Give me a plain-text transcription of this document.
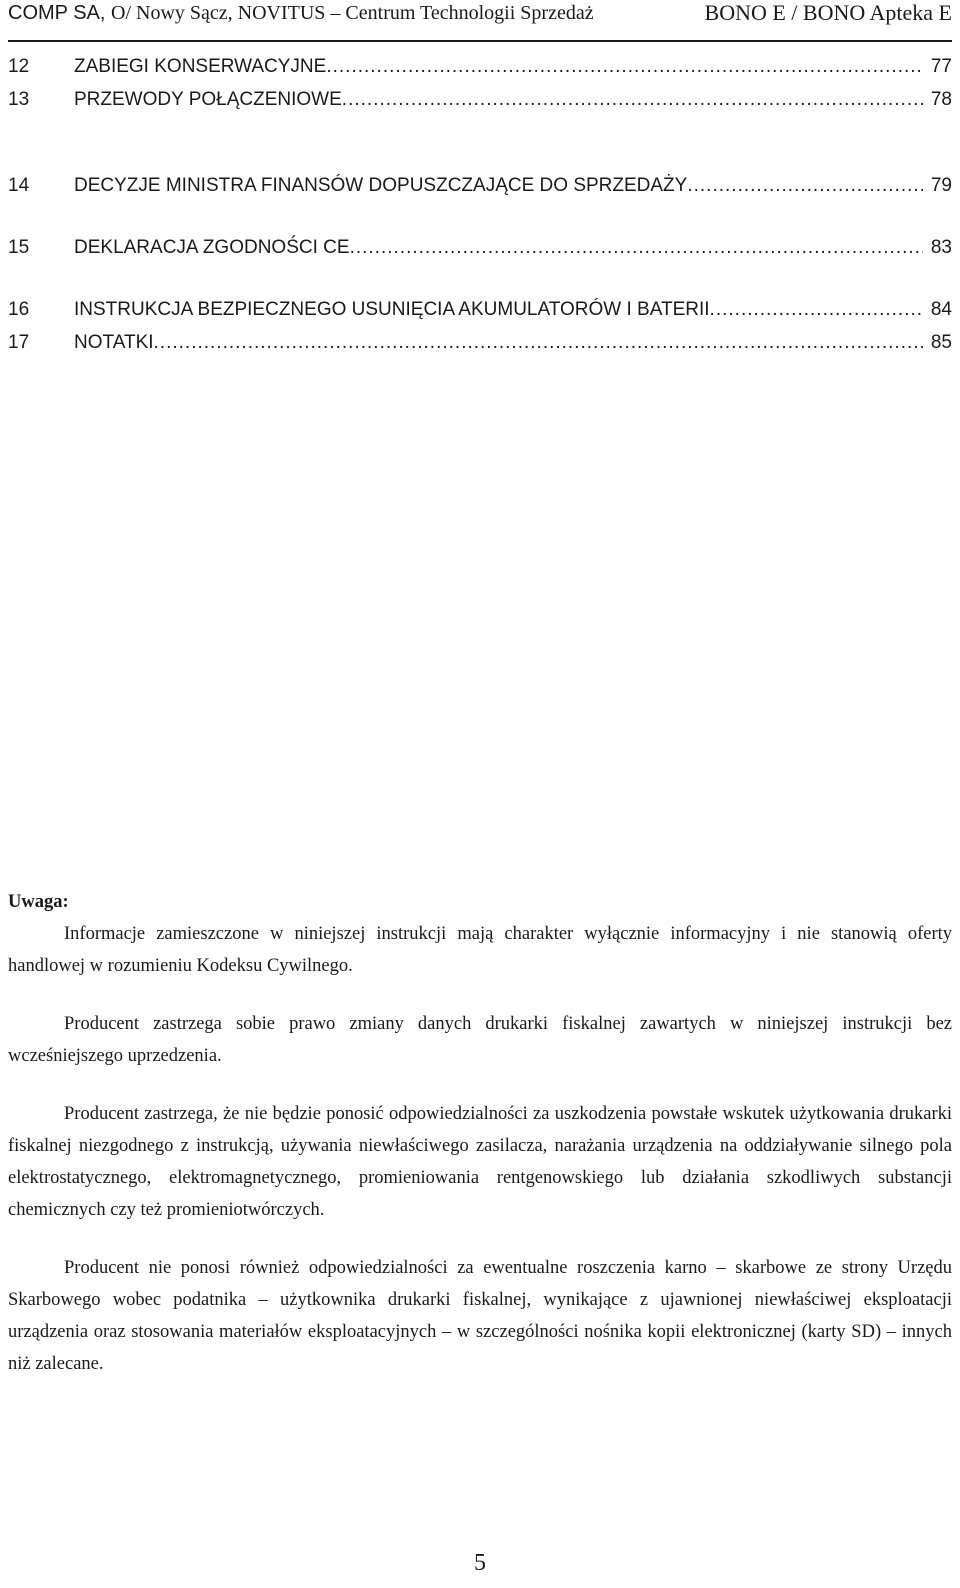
COMP SA, O/ Nowy Sącz, NOVITUS – Centrum Technologii Sprzedaż	BONO E / BONO Apteka E
12	ZABIEGI KONSERWACYJNE .....	77
13	PRZEWODY POŁĄCZENIOWE .....	78
14	DECYZJE MINISTRA FINANSÓW DOPUSZCZAJĄCE DO SPRZEDAŻY .....	79
15	DEKLARACJA ZGODNOŚCI CE .....	83
16	INSTRUKCJA BEZPIECZNEGO USUNIĘCIA AKUMULATORÓW I BATERII .....	84
17	NOTATKI .....	85
Uwaga:

Informacje zamieszczone w niniejszej instrukcji mają charakter wyłącznie informacyjny i nie stanowią oferty handlowej w rozumieniu Kodeksu Cywilnego.

Producent zastrzega sobie prawo zmiany danych drukarki fiskalnej zawartych w niniejszej instrukcji bez wcześniejszego uprzedzenia.

Producent zastrzega, że nie będzie ponosić odpowiedzialności za uszkodzenia powstałe wskutek użytkowania drukarki fiskalnej niezgodnego z instrukcją, używania niewłaściwego zasilacza, narażania urządzenia na oddziaływanie silnego pola elektrostatycznego, elektromagnetycznego, promieniowania rentgenowskiego lub działania szkodliwych substancji chemicznych czy też promieniotwórczych.

Producent nie ponosi również odpowiedzialności za ewentualne roszczenia karno – skarbowe ze strony Urzędu Skarbowego wobec podatnika – użytkownika drukarki fiskalnej, wynikające z ujawnionej niewłaściwej eksploatacji urządzenia oraz stosowania materiałów eksploatacyjnych – w szczególności nośnika kopii elektronicznej (karty SD) – innych niż zalecane.

5
